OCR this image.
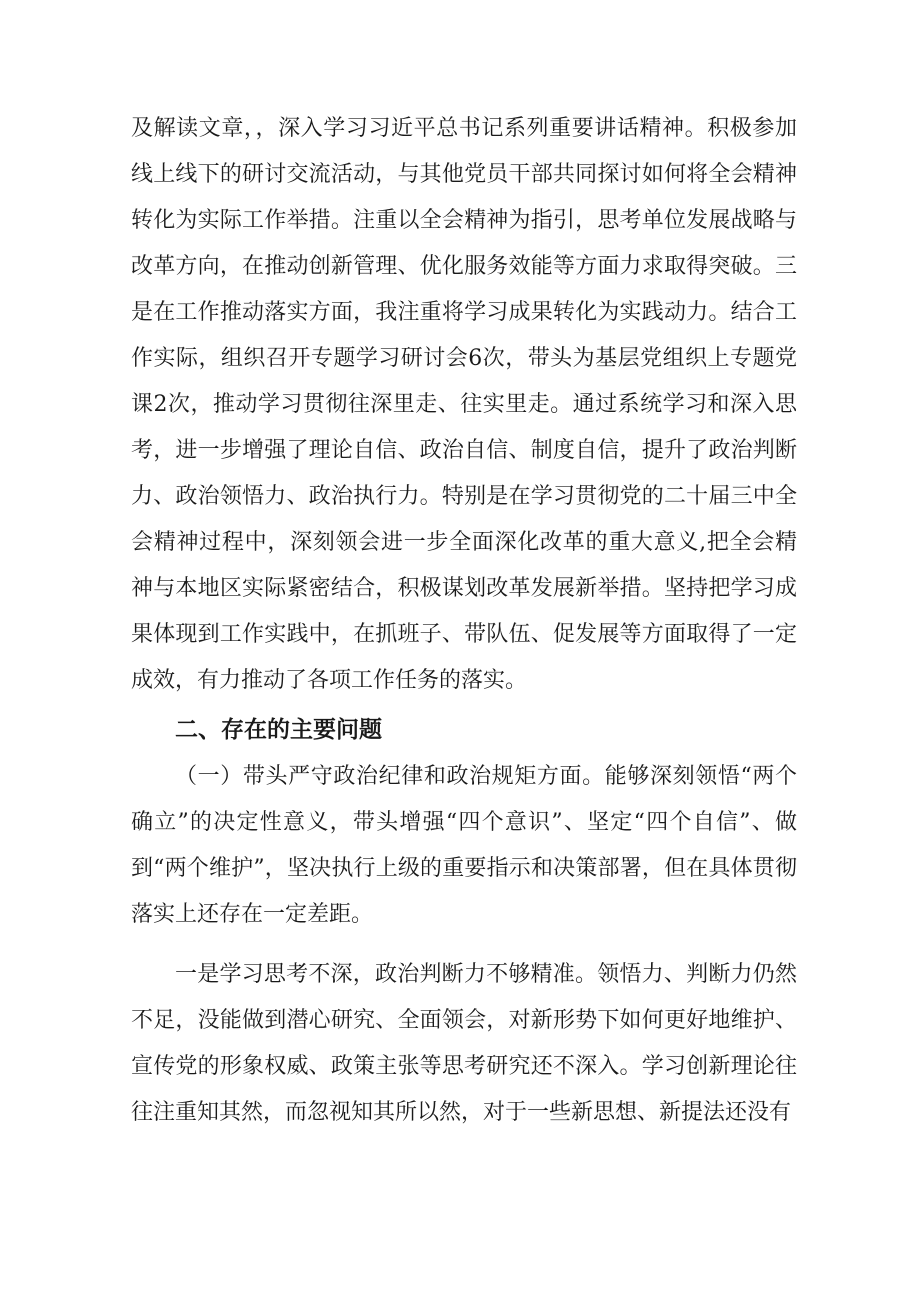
及解读文章，，深入学习习近平总书记系列重要讲话精神。积极参加线上线下的研讨交流活动，与其他党员干部共同探讨如何将全会精神转化为实际工作举措。注重以全会精神为指引，思考单位发展战略与改革方向，在推动创新管理、优化服务效能等方面力求取得突破。三是在工作推动落实方面，我注重将学习成果转化为实践动力。结合工作实际，组织召开专题学习研讨会6次，带头为基层党组织上专题党课2次，推动学习贯彻往深里走、往实里走。通过系统学习和深入思考，进一步增强了理论自信、政治自信、制度自信，提升了政治判断力、政治领悟力、政治执行力。特别是在学习贯彻党的二十届三中全会精神过程中，深刻领会进一步全面深化改革的重大意义,把全会精神与本地区实际紧密结合，积极谋划改革发展新举措。坚持把学习成果体现到工作实践中，在抓班子、带队伍、促发展等方面取得了一定成效，有力推动了各项工作任务的落实。

二、存在的主要问题

（一）带头严守政治纪律和政治规矩方面。能够深刻领悟“两个确立”的决定性意义，带头增强“四个意识”、坚定“四个自信”、做到“两个维护”，坚决执行上级的重要指示和决策部署，但在具体贯彻落实上还存在一定差距。

一是学习思考不深，政治判断力不够精准。领悟力、判断力仍然不足，没能做到潜心研究、全面领会，对新形势下如何更好地维护、宣传党的形象权威、政策主张等思考研究还不深入。学习创新理论往往注重知其然，而忽视知其所以然，对于一些新思想、新提法还没有
